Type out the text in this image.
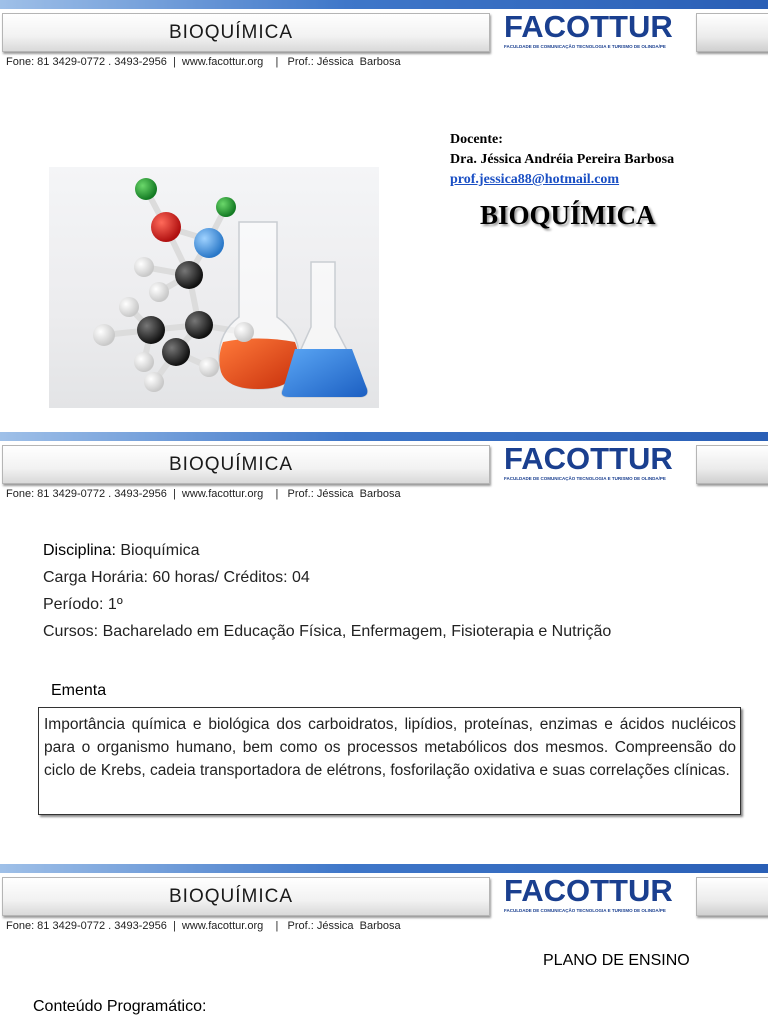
BIOQUÍMICA	FACOTTUR
FACULDADE DE COMUNICAÇÃO TECNOLOGIA E TURISMO DE OLINDA/PE
Fone: 81 3429-0772 . 3493-2956  |  www.facottur.org    |   Prof.: Jéssica  Barbosa
Docente:
Dra. Jéssica Andréia Pereira Barbosa
prof.jessica88@hotmail.com
BIOQUÍMICA
BIOQUÍMICA	FACOTTUR
FACULDADE DE COMUNICAÇÃO TECNOLOGIA E TURISMO DE OLINDA/PE
Fone: 81 3429-0772 . 3493-2956  |  www.facottur.org    |   Prof.: Jéssica  Barbosa
Disciplina: Bioquímica
Carga Horária: 60 horas/ Créditos: 04
Período: 1º
Cursos: Bacharelado em Educação Física, Enfermagem, Fisioterapia e Nutrição
Ementa
Importância química e biológica dos carboidratos, lipídios, proteínas, enzimas e ácidos nucléicos para o organismo humano, bem como os processos metabólicos dos mesmos. Compreensão do ciclo de Krebs, cadeia transportadora de elétrons, fosforilação oxidativa e suas correlações clínicas.
BIOQUÍMICA	FACOTTUR
FACULDADE DE COMUNICAÇÃO TECNOLOGIA E TURISMO DE OLINDA/PE
Fone: 81 3429-0772 . 3493-2956  |  www.facottur.org    |   Prof.: Jéssica  Barbosa
PLANO DE ENSINO
Conteúdo Programático:
